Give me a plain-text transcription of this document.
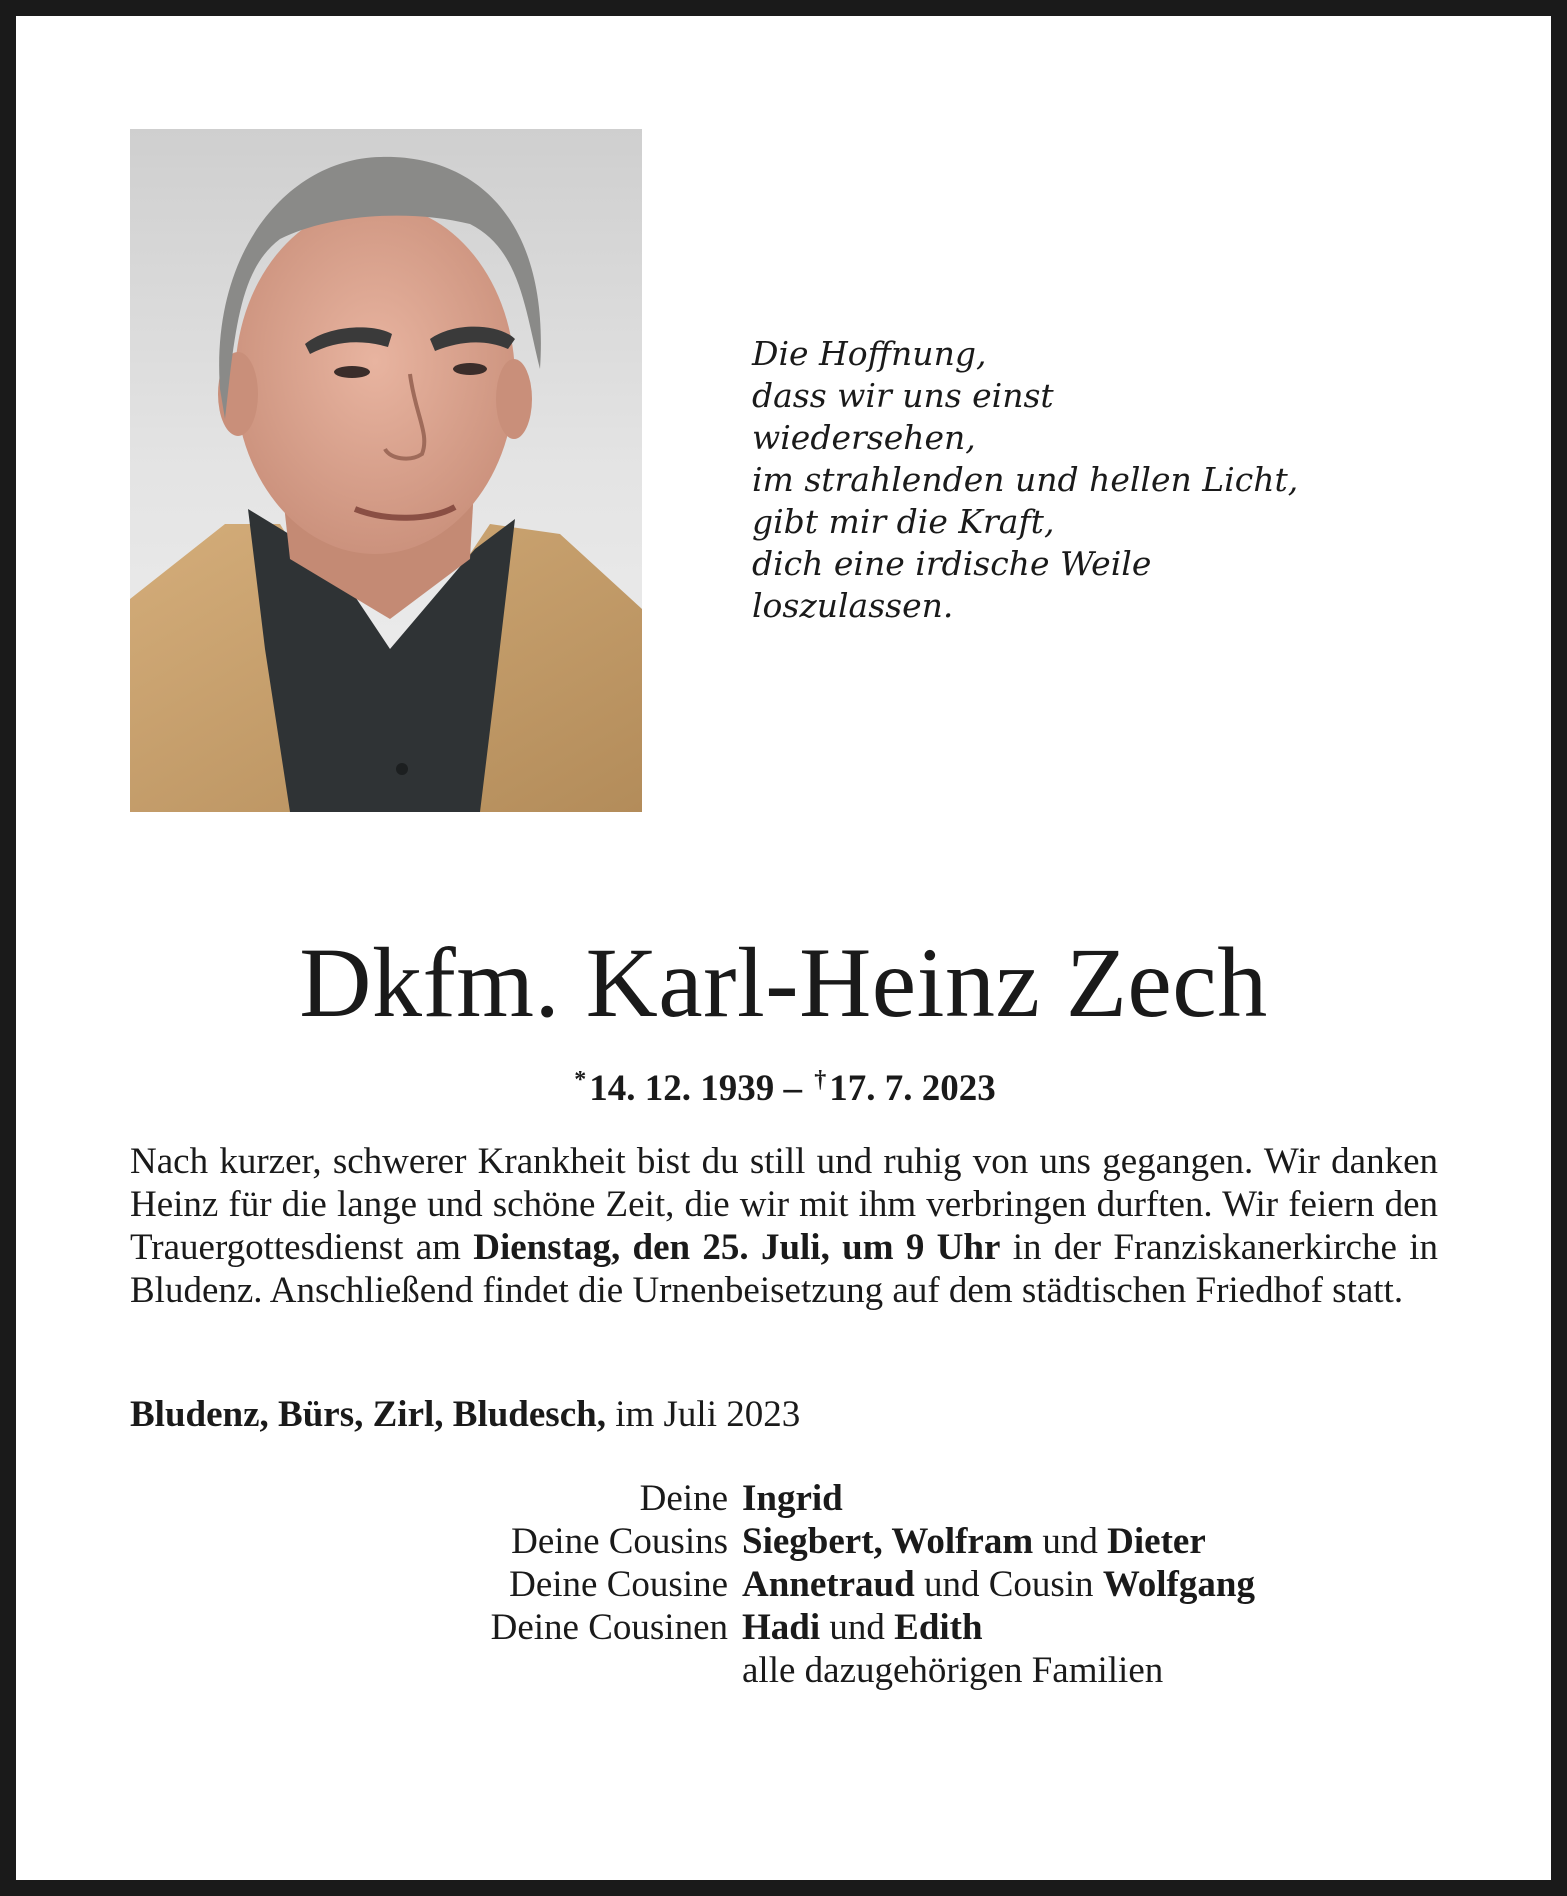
Die Hoffnung,
dass wir uns einst
wiedersehen,
im strahlenden und hellen Licht,
gibt mir die Kraft,
dich eine irdische Weile
loszulassen.
Dkfm. Karl-Heinz Zech
*14. 12. 1939 – †17. 7. 2023
Nach kurzer, schwerer Krankheit bist du still und ruhig von uns gegangen. Wir danken Heinz für die lange und schöne Zeit, die wir mit ihm verbringen durften. Wir feiern den Trauergottesdienst am Dienstag, den 25. Juli, um 9 Uhr in der Franziskanerkirche in Bludenz. Anschließend findet die Urnenbeisetzung auf dem städtischen Friedhof statt.
Bludenz, Bürs, Zirl, Bludesch, im Juli 2023
Deine Ingrid
Deine Cousins Siegbert, Wolfram und Dieter
Deine Cousine Annetraud und Cousin Wolfgang
Deine Cousinen Hadi und Edith
alle dazugehörigen Familien
